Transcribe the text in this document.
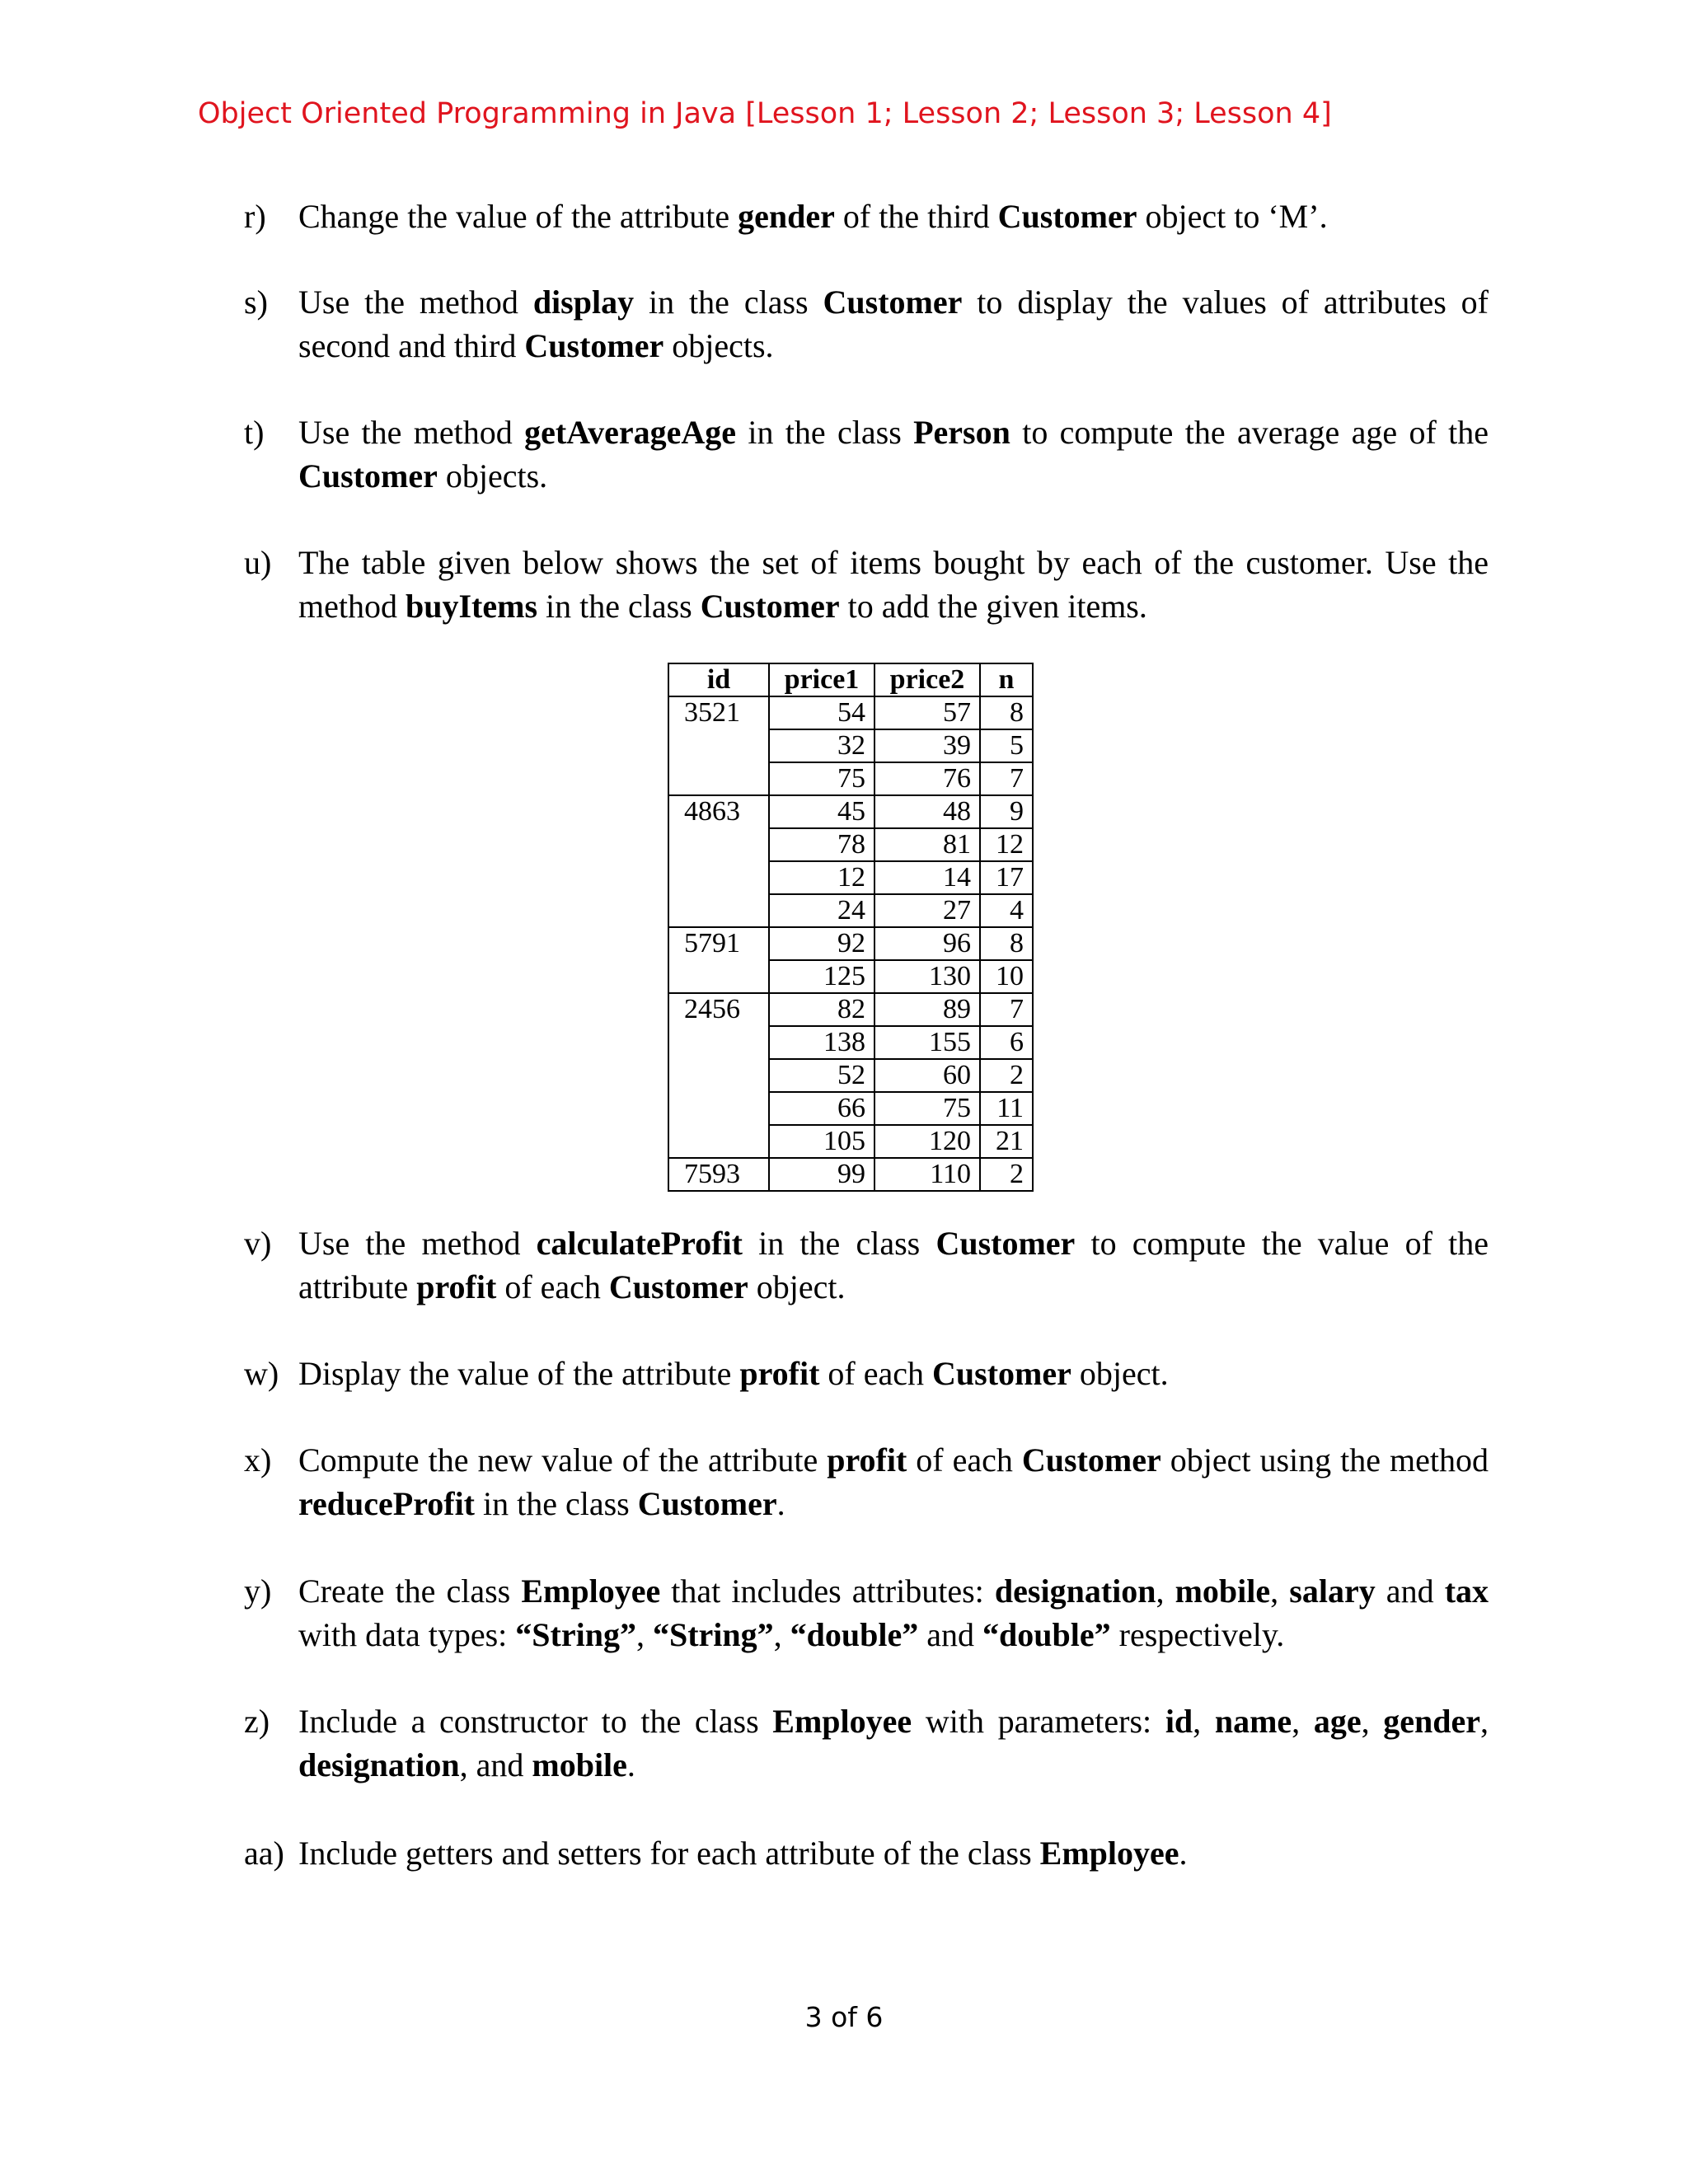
Object Oriented Programming in Java [Lesson 1; Lesson 2; Lesson 3; Lesson 4]
r) Change the value of the attribute gender of the third Customer object to ‘M’.
s) Use the method display in the class Customer to display the values of attributes of second and third Customer objects.
t) Use the method getAverageAge in the class Person to compute the average age of the Customer objects.
u) The table given below shows the set of items bought by each of the customer. Use the method buyItems in the class Customer to add the given items.
id	price1	price2	n
3521	54	57	8
	32	39	5
	75	76	7
4863	45	48	9
	78	81	12
	12	14	17
	24	27	4
5791	92	96	8
	125	130	10
2456	82	89	7
	138	155	6
	52	60	2
	66	75	11
	105	120	21
7593	99	110	2
v) Use the method calculateProfit in the class Customer to compute the value of the attribute profit of each Customer object.
w) Display the value of the attribute profit of each Customer object.
x) Compute the new value of the attribute profit of each Customer object using the method reduceProfit in the class Customer.
y) Create the class Employee that includes attributes: designation, mobile, salary and tax with data types: “String”, “String”, “double” and “double” respectively.
z) Include a constructor to the class Employee with parameters: id, name, age, gender, designation, and mobile.
aa) Include getters and setters for each attribute of the class Employee.
3 of 6
